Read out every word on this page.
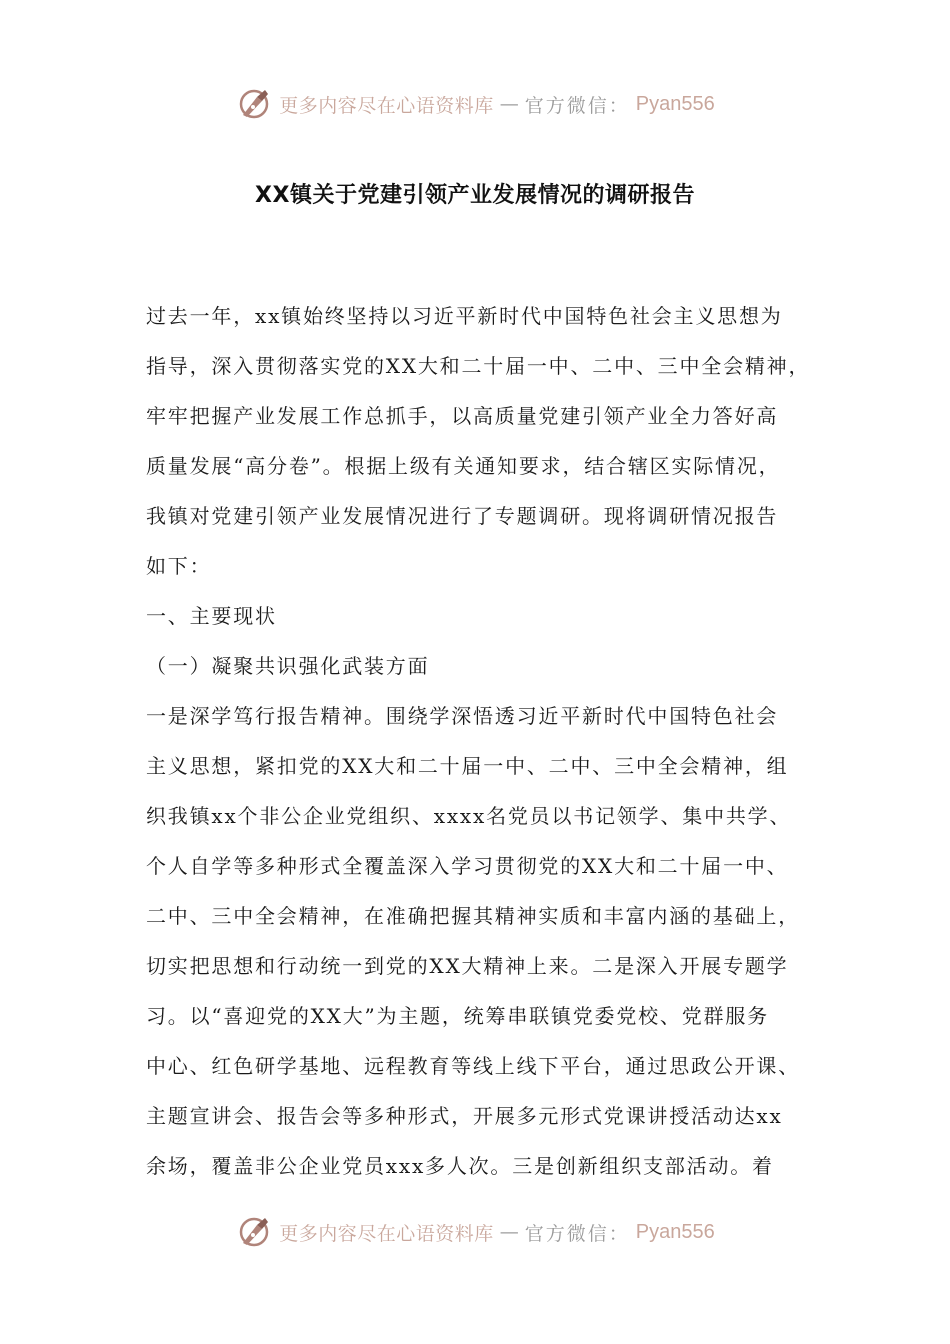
更多内容尽在心语资料库 — 官方微信： Pyan556
XX镇关于党建引领产业发展情况的调研报告
过去一年，xx镇始终坚持以习近平新时代中国特色社会主义思想为
指导，深入贯彻落实党的XX大和二十届一中、二中、三中全会精神，
牢牢把握产业发展工作总抓手，以高质量党建引领产业全力答好高
质量发展“高分卷”。根据上级有关通知要求，结合辖区实际情况，
我镇对党建引领产业发展情况进行了专题调研。现将调研情况报告
如下：
一、主要现状
（一）凝聚共识强化武装方面
一是深学笃行报告精神。围绕学深悟透习近平新时代中国特色社会
主义思想，紧扣党的XX大和二十届一中、二中、三中全会精神，组
织我镇xx个非公企业党组织、xxxx名党员以书记领学、集中共学、
个人自学等多种形式全覆盖深入学习贯彻党的XX大和二十届一中、
二中、三中全会精神，在准确把握其精神实质和丰富内涵的基础上，
切实把思想和行动统一到党的XX大精神上来。二是深入开展专题学
习。以“喜迎党的XX大”为主题，统筹串联镇党委党校、党群服务
中心、红色研学基地、远程教育等线上线下平台，通过思政公开课、
主题宣讲会、报告会等多种形式，开展多元形式党课讲授活动达xx
余场，覆盖非公企业党员xxx多人次。三是创新组织支部活动。着
更多内容尽在心语资料库 — 官方微信： Pyan556
